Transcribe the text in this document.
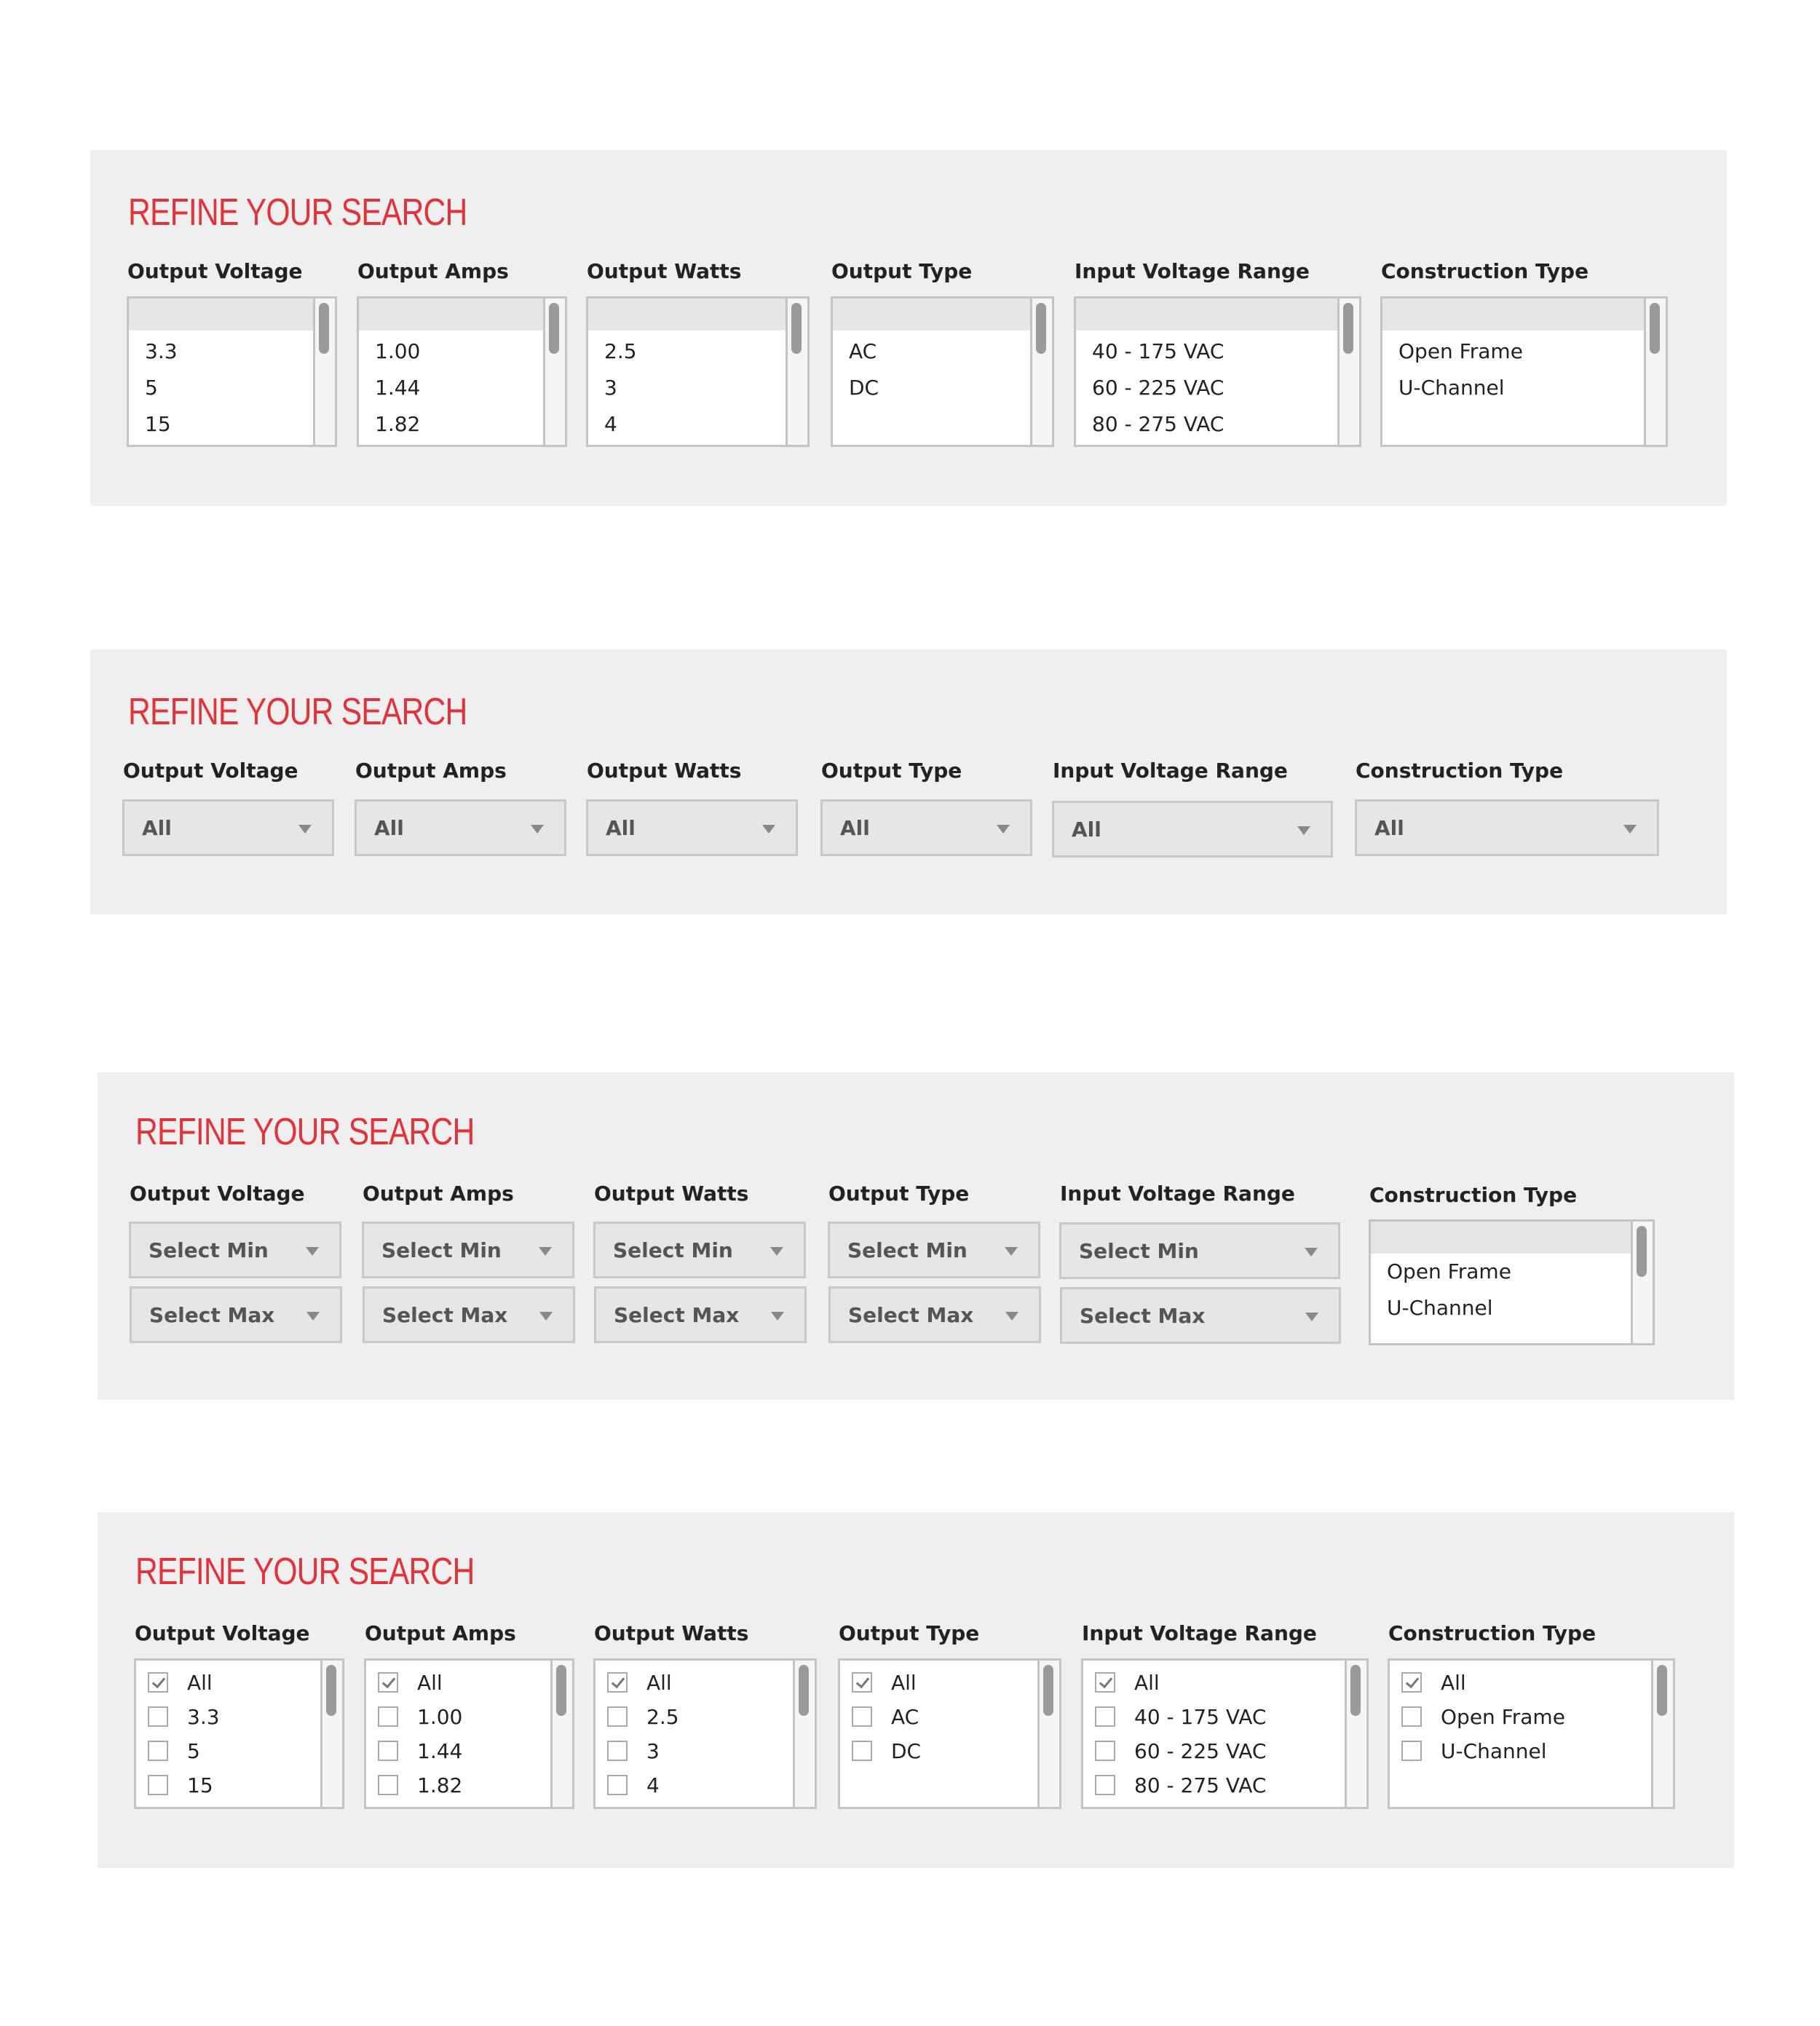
REFINE YOUR SEARCH

Output Voltage

3.3
5
15

Output Amps

1.00
1.44
1.82

Output Watts

2.5
3
4

Output Type

AC
DC

Input Voltage Range

40 - 175 VAC
60 - 225 VAC
80 - 275 VAC

Construction Type

Open Frame
U-Channel
REFINE YOUR SEARCH

Output Voltage

All

Output Amps

All

Output Watts

All

Output Type

All

Input Voltage Range

All

Construction Type

All
REFINE YOUR SEARCH

Output Voltage

Select Min
Select Max

Output Amps

Select Min
Select Max

Output Watts

Select Min
Select Max

Output Type

Select Min
Select Max

Input Voltage Range

Select Min
Select Max

Construction Type

Open Frame
U-Channel
REFINE YOUR SEARCH

Output Voltage

All
3.3
5
15

Output Amps

All
1.00
1.44
1.82

Output Watts

All
2.5
3
4

Output Type

All
AC
DC

Input Voltage Range

All
40 - 175 VAC
60 - 225 VAC
80 - 275 VAC

Construction Type

All
Open Frame
U-Channel
